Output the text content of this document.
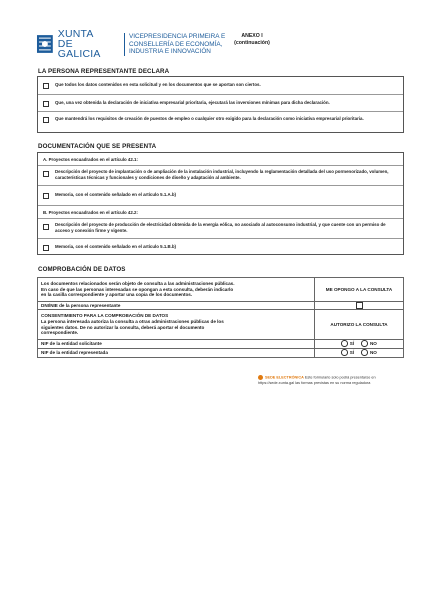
XUNTA
DE GALICIA
VICEPRESIDENCIA PRIMEIRA E
CONSELLERÍA DE ECONOMÍA,
INDUSTRIA E INNOVACIÓN
ANEXO I
(continuación)
LA PERSONA REPRESENTANTE DECLARA
Que todos los datos contenidos en esta solicitud y en los documentos que se aportan son ciertos.
Que, una vez obtenida la declaración de iniciativa empresarial prioritaria, ejecutará las inversiones mínimas para dicha declaración.
Que mantendrá los requisitos de creación de puestos de empleo o cualquier otro exigido para la declaración como iniciativa empresarial prioritaria.
DOCUMENTACIÓN QUE SE PRESENTA
A. Proyectos encuadrados en el artículo 42.1:
Descripción del proyecto de implantación o de ampliación de la instalación industrial, incluyendo la reglamentación detallada del uso pormenorizado, volumen, características técnicas y funcionales y condiciones de diseño y adaptación al ambiente.
Memoria, con el contenido señalado en el artículo 5.1.A.b)
B. Proyectos encuadrados en el artículo 42.2:
Descripción del proyecto de producción de electricidad obtenida de la energía eólica, no asociado al autoconsumo industrial, y que cuente con un permiso de acceso y conexión firme y vigente.
Memoria, con el contenido señalado en el artículo 5.1.B.b)
COMPROBACIÓN DE DATOS
Los documentos relacionados serán objeto de consulta a las administraciones públicas.
En caso de que las personas interesadas se opongan a esta consulta, deberán indicarlo
en la casilla correspondiente y aportar una copia de los documentos.	ME OPONGO A LA CONSULTA
DNI/NIE de la persona representante	

CONSENTIMIENTO PARA LA COMPROBACIÓN DE DATOS
La persona interesada autoriza la consulta a otras administraciones públicas de los
siguientes datos. De no autorizar la consulta, deberá aportar el documento
correspondiente.	AUTORIZO LA CONSULTA
NIF de la entidad solicitante	SÍ
NO

NIF de la entidad representada	SÍ
NO
SEDE ELECTRÓNICA Este formulario solo podrá presentarse en
https://sede.xunta.gal las formas previstas en su norma reguladora
